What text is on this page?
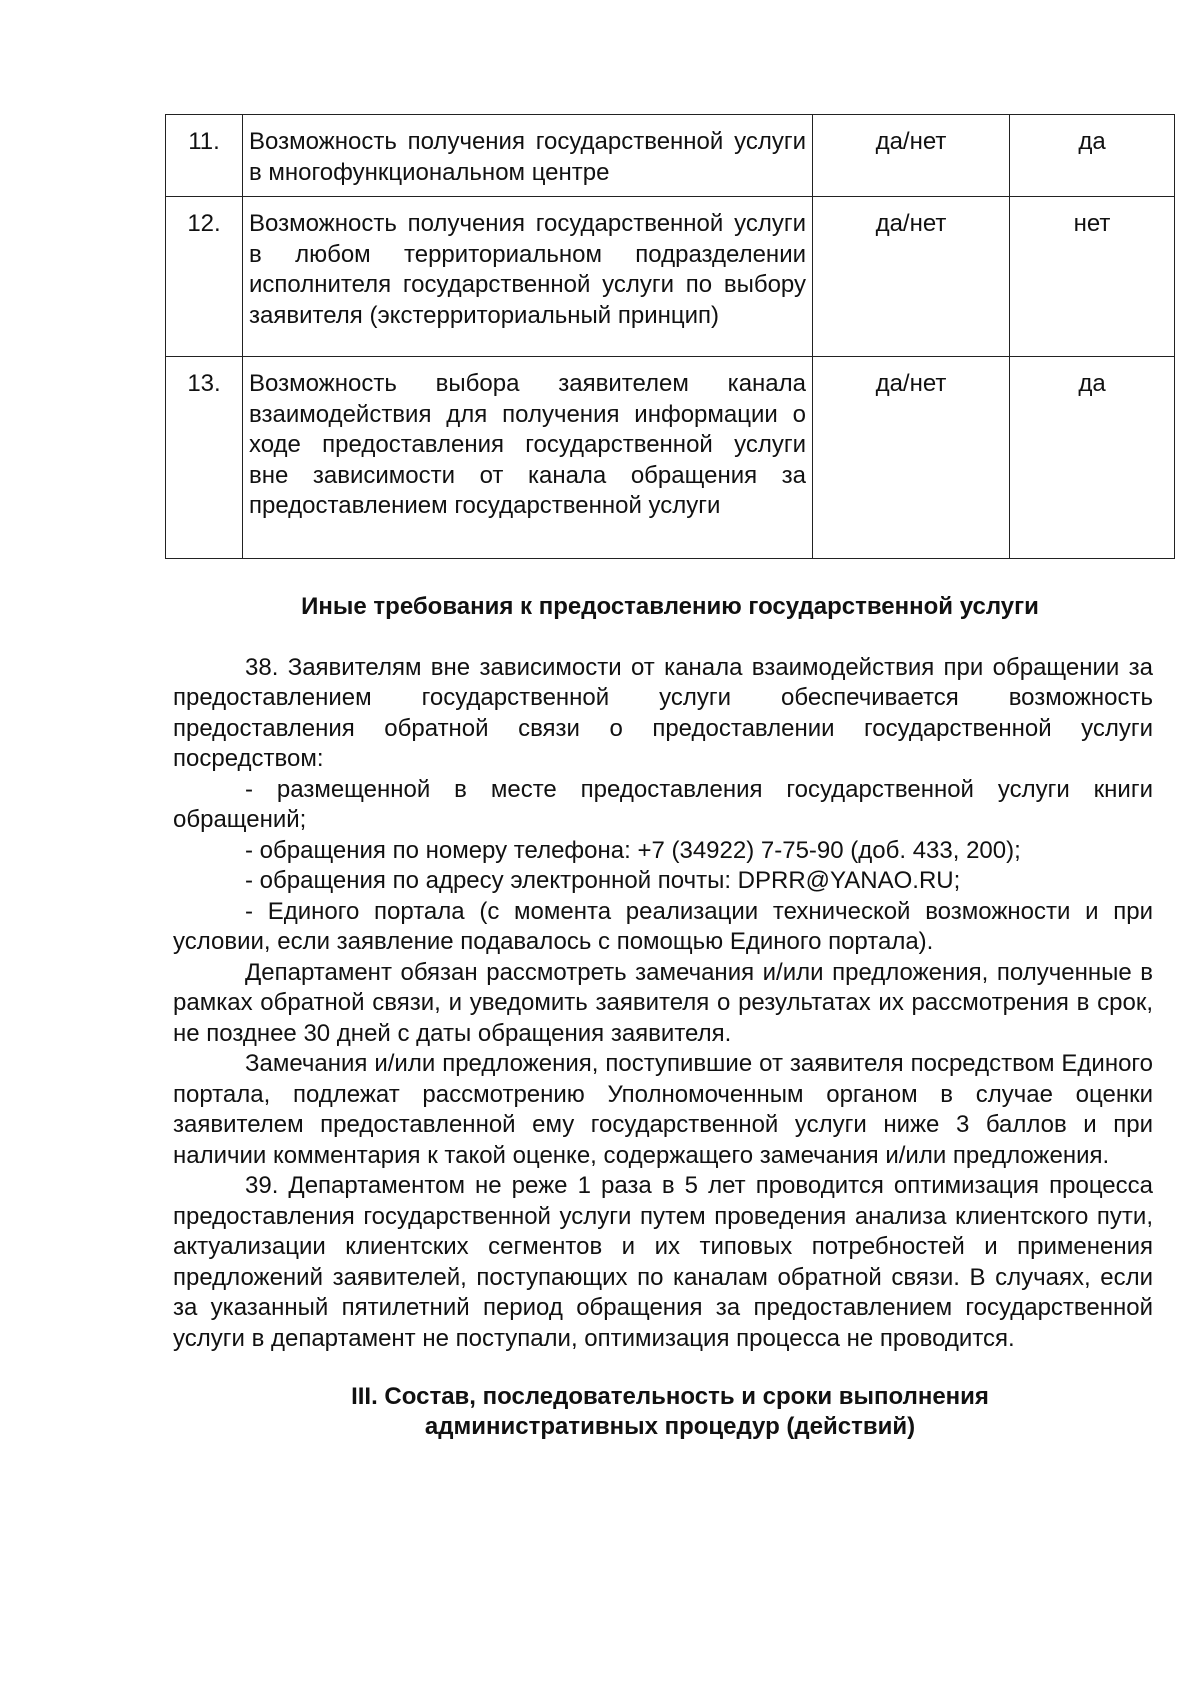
11.	Возможность получения государственной услуги в многофункциональном центре	да/нет	да
12.	Возможность получения государственной услуги в любом территориальном подразделении исполнителя государственной услуги по выбору заявителя (экстерриториальный принцип)	да/нет	нет
13.	Возможность выбора заявителем канала взаимодействия для получения информации о ходе предоставления государственной услуги вне зависимости от канала обращения за предоставлением государственной услуги	да/нет	да
Иные требования к предоставлению государственной услуги

38. Заявителям вне зависимости от канала взаимодействия при обращении за предоставлением государственной услуги обеспечивается возможность предоставления обратной связи о предоставлении государственной услуги посредством:

- размещенной в месте предоставления государственной услуги книги обращений;

- обращения по номеру телефона: +7 (34922) 7-75-90 (доб. 433, 200);

- обращения по адресу электронной почты: DPRR@YANAO.RU;

- Единого портала (с момента реализации технической возможности и при условии, если заявление подавалось с помощью Единого портала).

Департамент обязан рассмотреть замечания и/или предложения, полученные в рамках обратной связи, и уведомить заявителя о результатах их рассмотрения в срок, не позднее 30 дней с даты обращения заявителя.

Замечания и/или предложения, поступившие от заявителя посредством Единого портала, подлежат рассмотрению Уполномоченным органом в случае оценки заявителем предоставленной ему государственной услуги ниже 3 баллов и при наличии комментария к такой оценке, содержащего замечания и/или предложения.

39. Департаментом не реже 1 раза в 5 лет проводится оптимизация процесса предоставления государственной услуги путем проведения анализа клиентского пути, актуализации клиентских сегментов и их типовых потребностей и применения предложений заявителей, поступающих по каналам обратной связи. В случаях, если за указанный пятилетний период обращения за предоставлением государственной услуги в департамент не поступали, оптимизация процесса не проводится.

III. Состав, последовательность и сроки выполнения
административных процедур (действий)
